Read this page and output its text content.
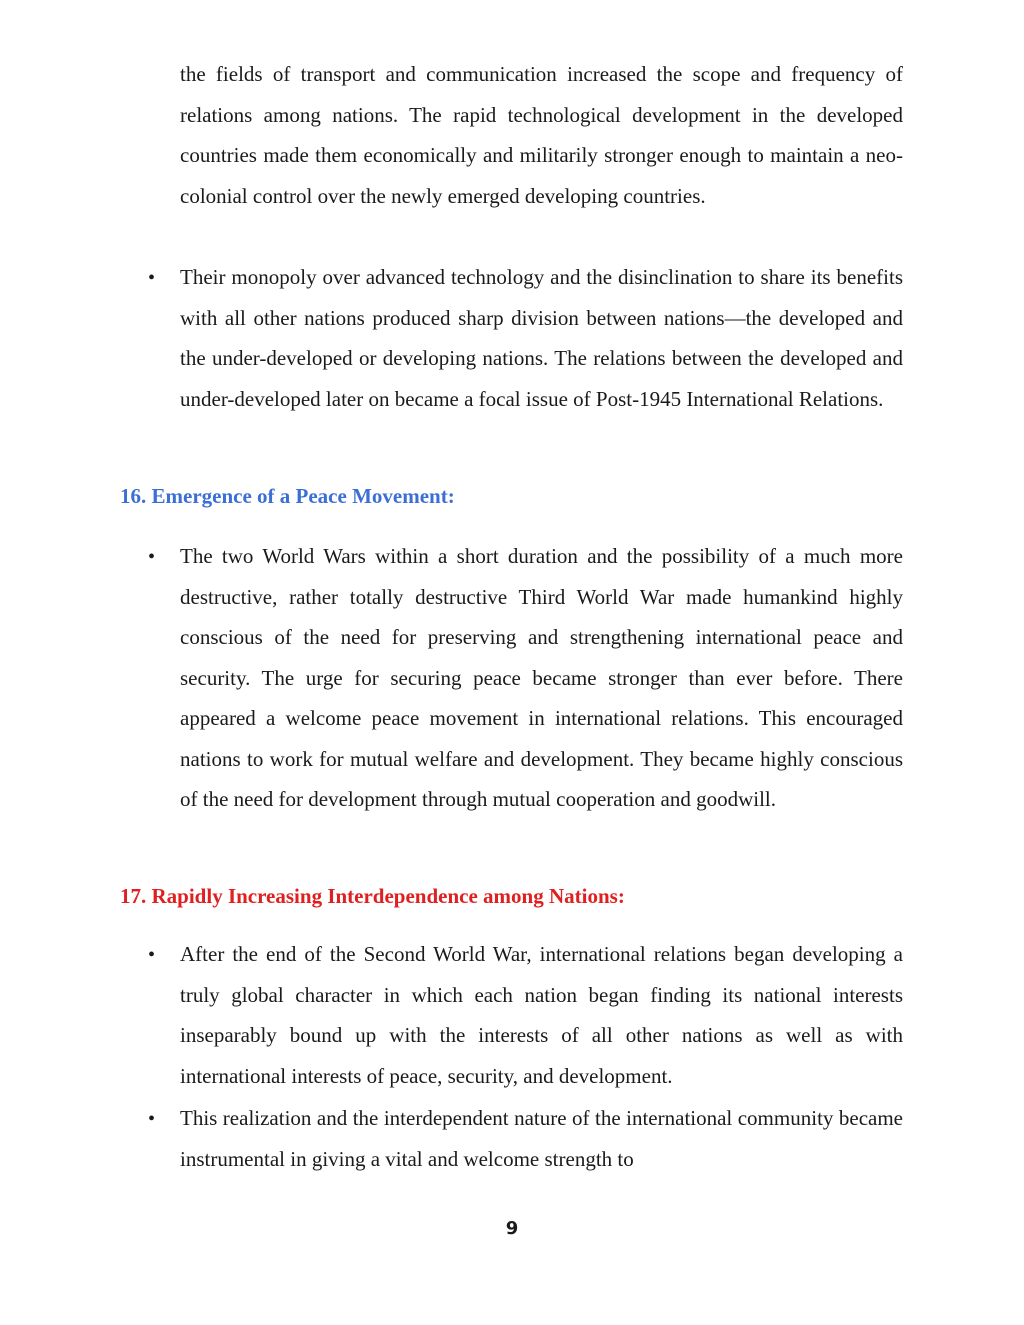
the fields of transport and communication increased the scope and frequency of relations among nations. The rapid technological development in the developed countries made them economically and militarily stronger enough to maintain a neo-colonial control over the newly emerged developing countries.

•	Their monopoly over advanced technology and the disinclination to share its benefits with all other nations produced sharp division between nations—the developed and the under-developed or developing nations. The relations between the developed and under-developed later on became a focal issue of Post-1945 International Relations.

16. Emergence of a Peace Movement:
•	The two World Wars within a short duration and the possibility of a much more destructive, rather totally destructive Third World War made humankind highly conscious of the need for preserving and strengthening international peace and security. The urge for securing peace became stronger than ever before. There appeared a welcome peace movement in international relations. This encouraged nations to work for mutual welfare and development. They became highly conscious of the need for development through mutual cooperation and goodwill.

17. Rapidly Increasing Interdependence among Nations:
•	After the end of the Second World War, international relations began developing a truly global character in which each nation began finding its national interests inseparably bound up with the interests of all other nations as well as with international interests of peace, security, and development.

•	This realization and the interdependent nature of the international community became instrumental in giving a vital and welcome strength to

9
